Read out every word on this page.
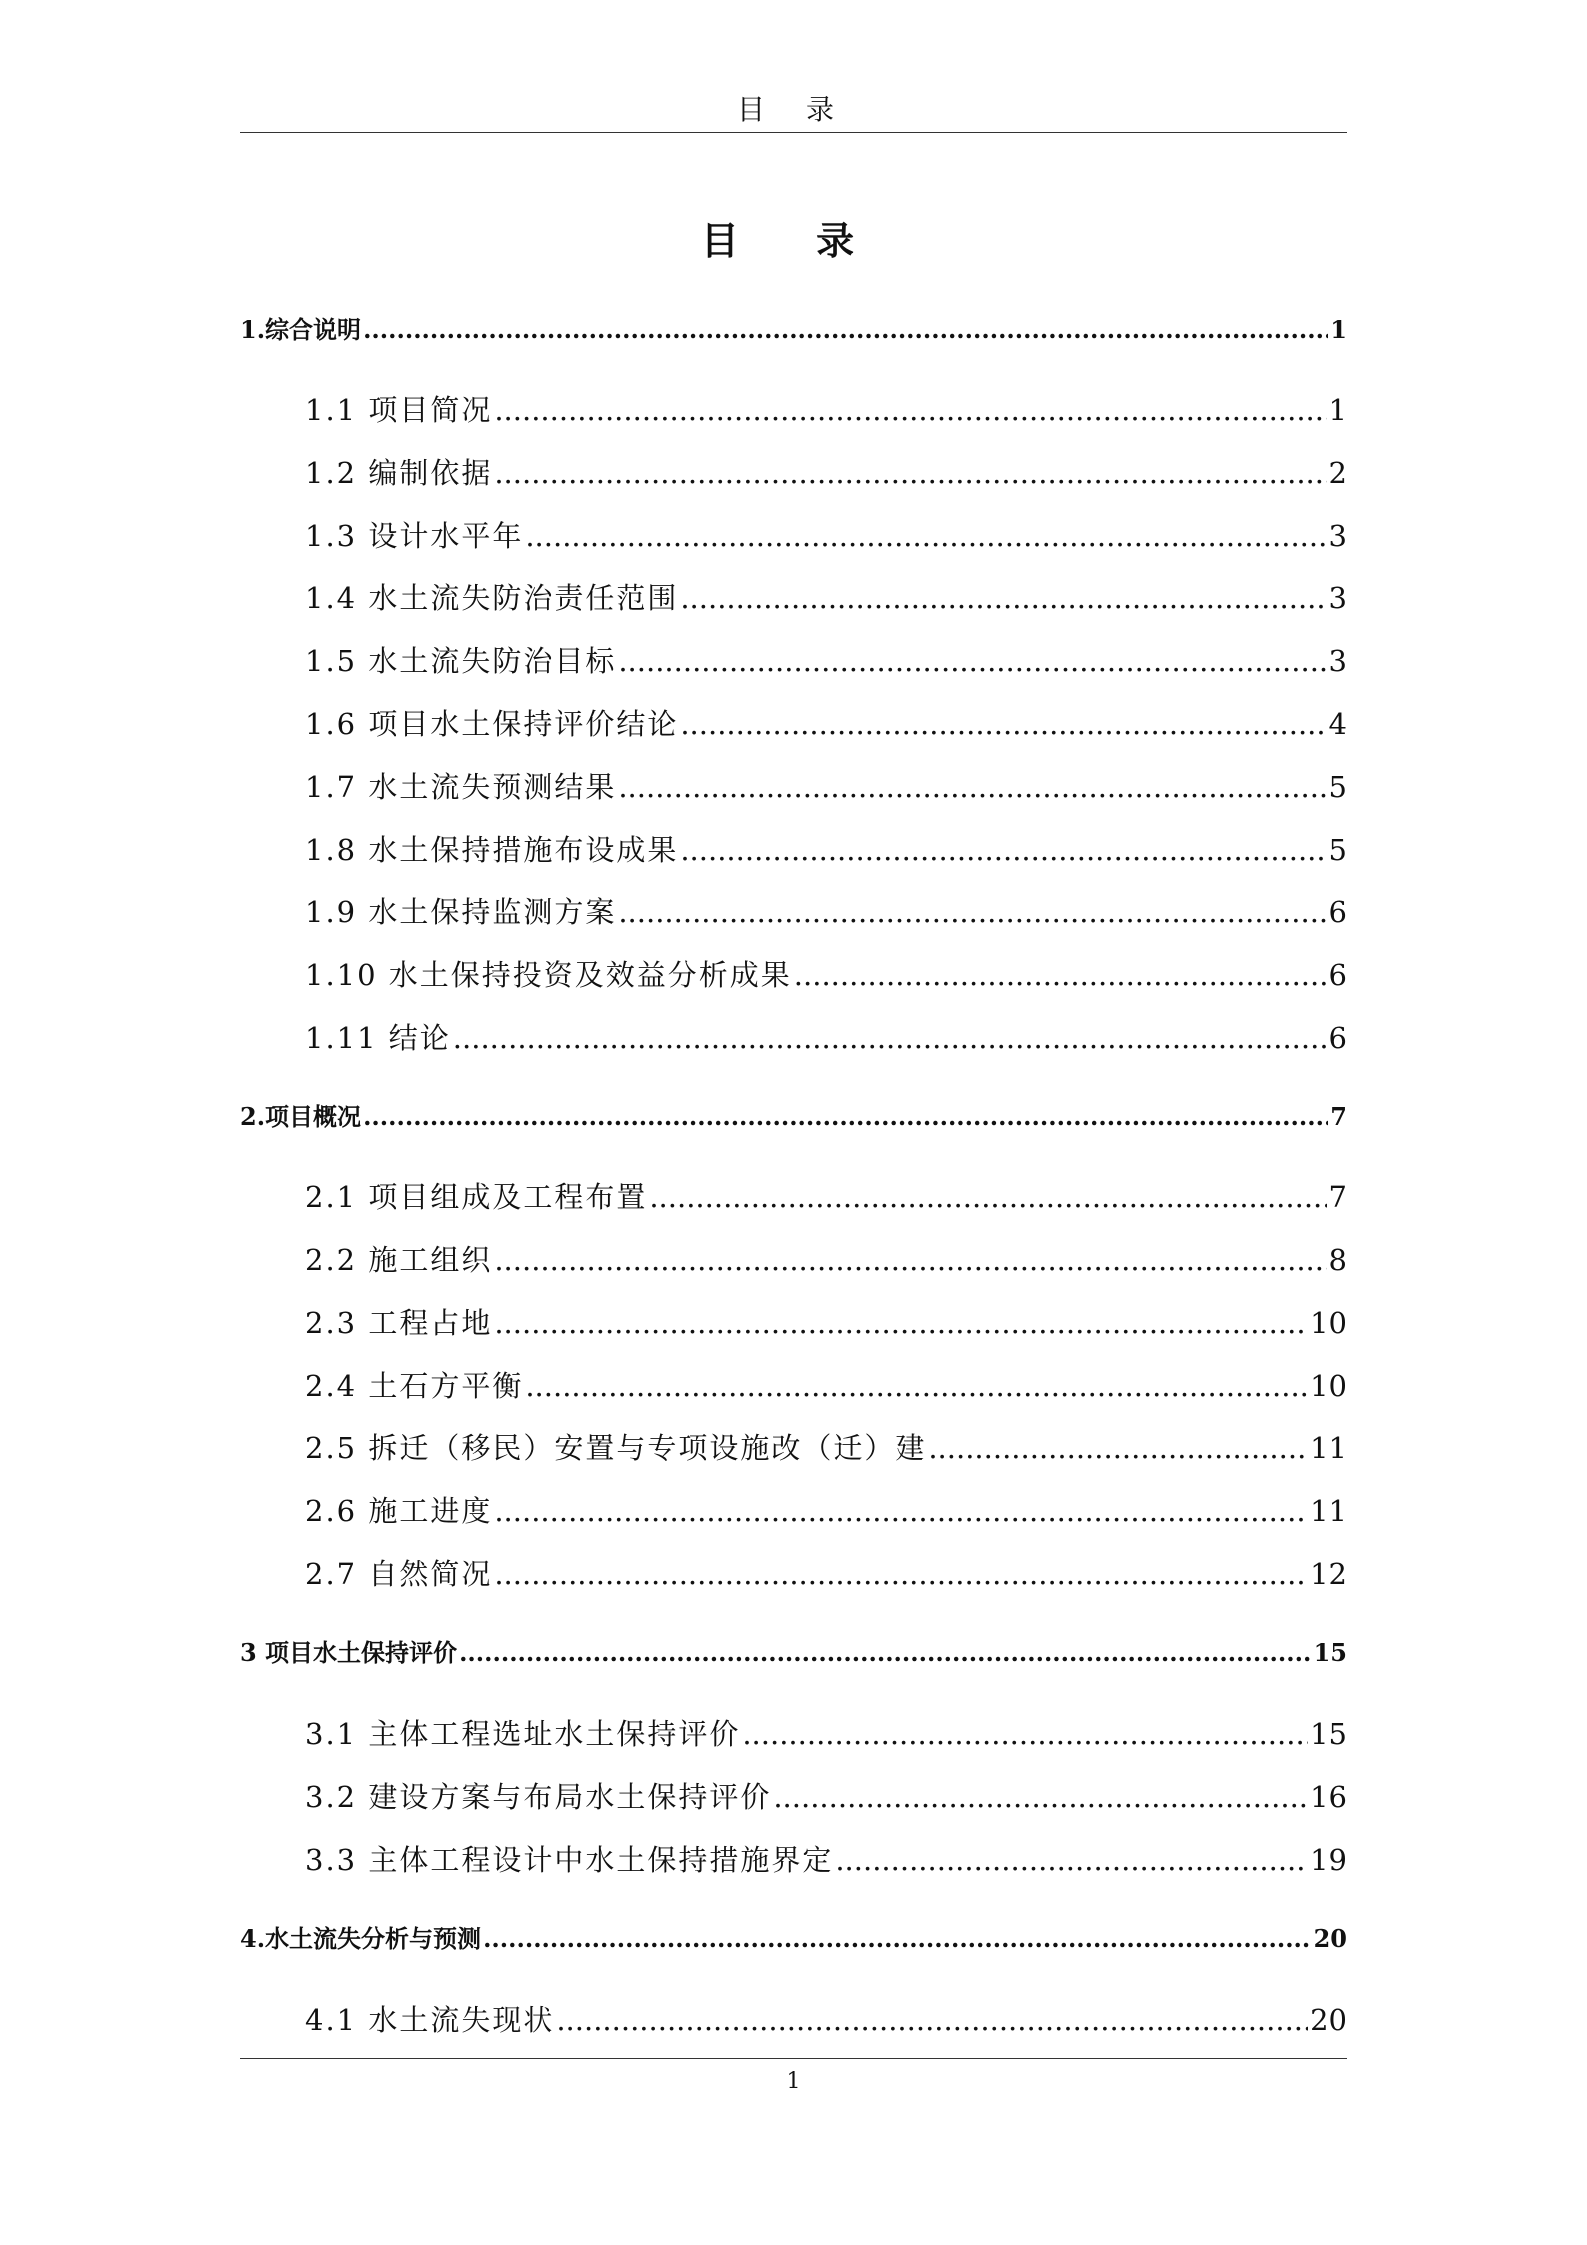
目 录
目 录
1.综合说明 .....	1
1.1 项目简况 .....	1
1.2 编制依据 .....	2
1.3 设计水平年 .....	3
1.4 水土流失防治责任范围 .....	3
1.5 水土流失防治目标 .....	3
1.6 项目水土保持评价结论 .....	4
1.7 水土流失预测结果 .....	5
1.8 水土保持措施布设成果 .....	5
1.9 水土保持监测方案 .....	6
1.10 水土保持投资及效益分析成果 .....	6
1.11 结论 .....	6
2.项目概况 .....	7
2.1 项目组成及工程布置 .....	7
2.2 施工组织 .....	8
2.3 工程占地 .....	10
2.4 土石方平衡 .....	10
2.5 拆迁（移民）安置与专项设施改（迁）建 .....	11
2.6 施工进度 .....	11
2.7 自然简况 .....	12
3 项目水土保持评价 .....	15
3.1 主体工程选址水土保持评价 .....	15
3.2 建设方案与布局水土保持评价 .....	16
3.3 主体工程设计中水土保持措施界定 .....	19
4.水土流失分析与预测 .....	20
4.1 水土流失现状 .....	20
1
